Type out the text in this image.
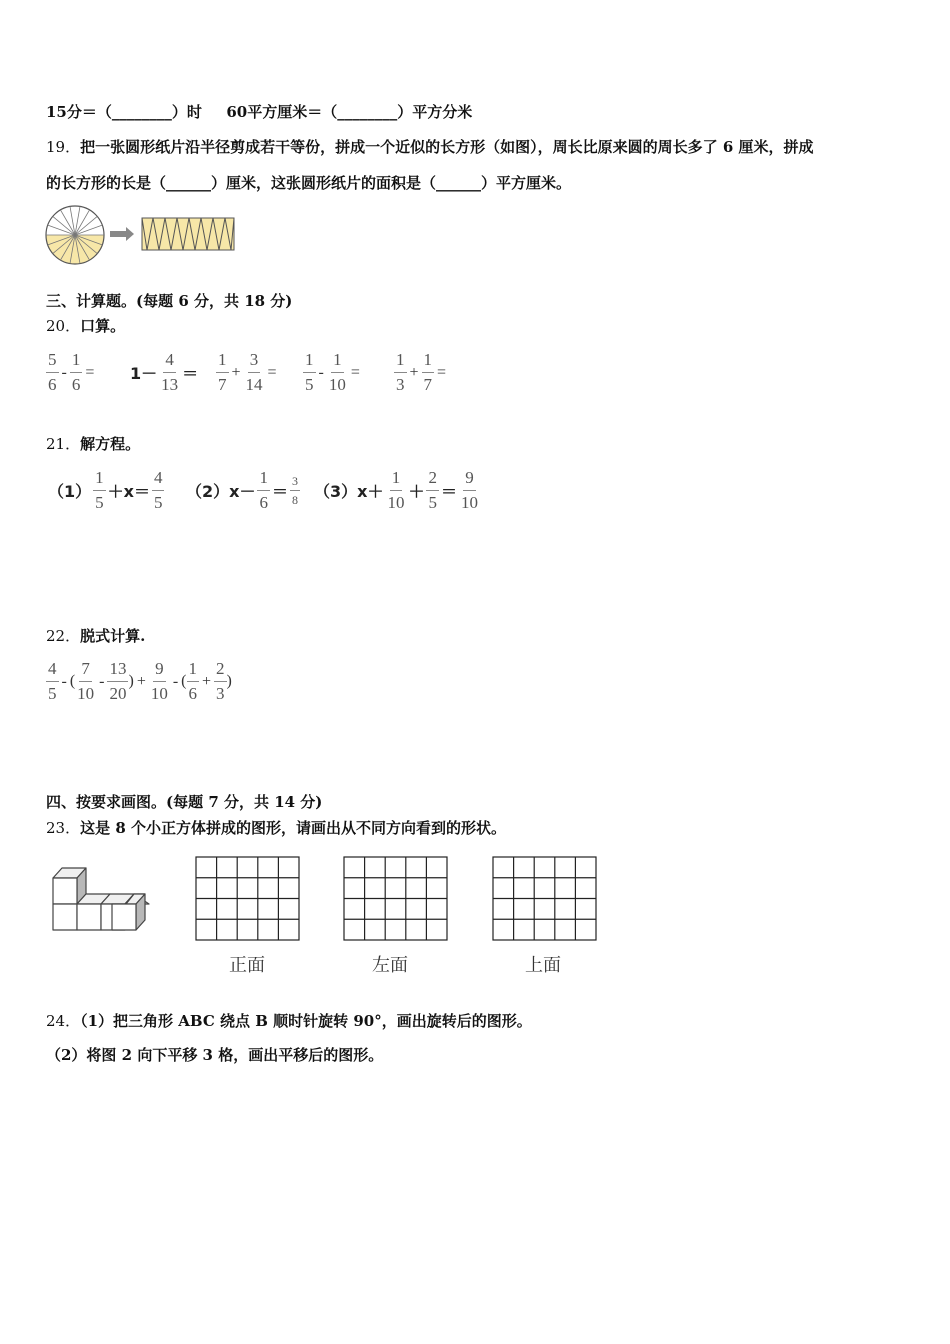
15分＝（________）时 60平方厘米＝（________）平方分米
19．把一张圆形纸片沿半径剪成若干等份，拼成一个近似的长方形（如图），周长比原来圆的周长多了 6 厘米，拼成
的长方形的长是（______）厘米，这张圆形纸片的面积是（______）平方厘米。
三、计算题。(每题 6 分，共 18 分)
20．口算。
$\frac{5}{6} - \frac{1}{6} = 1- \frac{4}{13} = \frac{1}{7} + \frac{3}{14} = \frac{1}{5} - \frac{1}{10} = \frac{1}{3} + \frac{1}{7}$ =
21．解方程。
$(1) \frac{1}{5} +x= \frac{4}{5} (2)x- \frac{1}{6} = \frac{3}{8} (3)x+ \frac{1}{10} + \frac{2}{5} = \frac{9}{10}$
22．脱式计算.
$\frac{4}{5}$ - ( $\frac{7}{10} - \frac{13}{20}$ ) + $\frac{9}{10}$ - ( $\frac{1}{6} + \frac{2}{3}$ )
四、按要求画图。(每题 7 分，共 14 分)
23．这是 8 个小正方体拼成的图形，请画出从不同方向看到的形状。
正面	左面	上面
24．（1）把三角形 ABC 绕点 B 顺时针旋转 90°，画出旋转后的图形。
（2）将图 2 向下平移 3 格，画出平移后的图形。
